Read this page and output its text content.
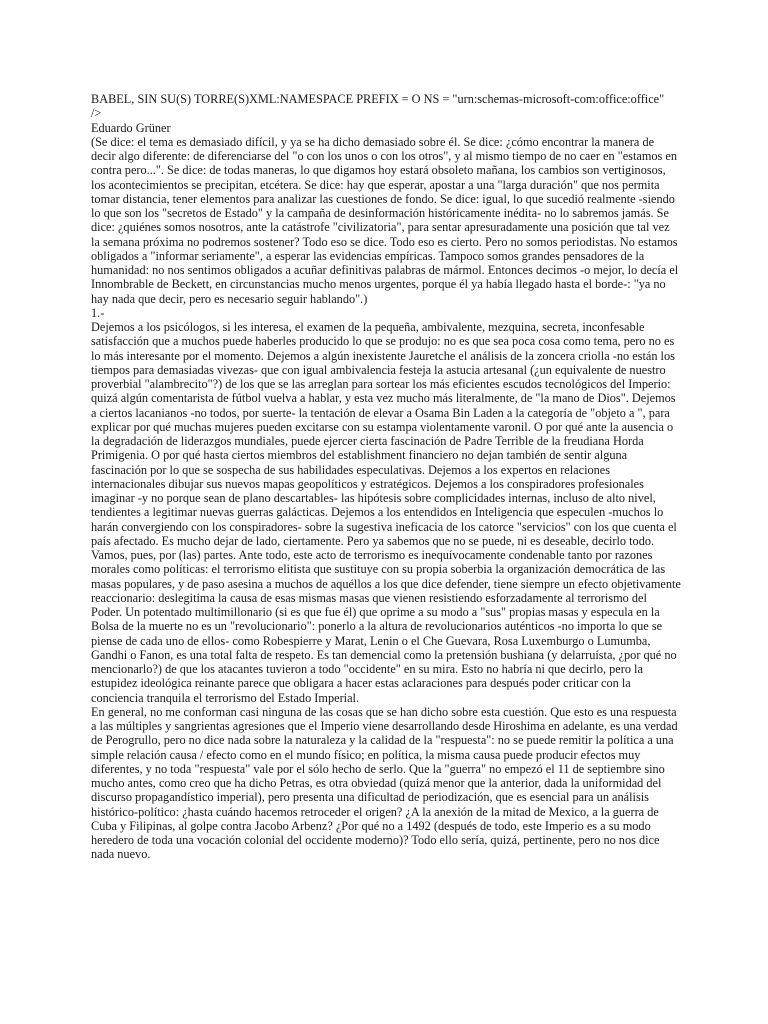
BABEL, SIN SU(S) TORRE(S)XML:NAMESPACE PREFIX = O NS = "urn:schemas-microsoft-com:office:office"
/>

Eduardo Grüner

(Se dice: el tema es demasiado difícil, y ya se ha dicho demasiado sobre él. Se dice: ¿cómo encontrar la manera de decir algo diferente: de diferenciarse del "o con los unos o con los otros", y al mismo tiempo de no caer en "estamos en contra pero...". Se dice: de todas maneras, lo que digamos hoy estará obsoleto mañana, los cambios son vertiginosos, los acontecimientos se precipitan, etcétera. Se dice: hay que esperar, apostar a una "larga duración" que nos permita tomar distancia, tener elementos para analizar las cuestiones de fondo. Se dice: igual, lo que sucedió realmente -siendo lo que son los "secretos de Estado" y la campaña de desinformación históricamente inédita- no lo sabremos jamás. Se dice: ¿quiénes somos nosotros, ante la catástrofe "civilizatoria", para sentar apresuradamente una posición que tal vez la semana próxima no podremos sostener? Todo eso se dice. Todo eso es cierto. Pero no somos periodistas. No estamos obligados a "informar seriamente", a esperar las evidencias empíricas. Tampoco somos grandes pensadores de la humanidad: no nos sentimos obligados a acuñar definitivas palabras de mármol. Entonces decimos -o mejor, lo decía el Innombrable de Beckett, en circunstancias mucho menos urgentes, porque él ya había llegado hasta el borde-: "ya no hay nada que decir, pero es necesario seguir hablando".)

1.-

Dejemos a los psicólogos, si les interesa, el examen de la pequeña, ambivalente, mezquina, secreta, inconfesable satisfacción que a muchos puede haberles producido lo que se produjo: no es que sea poca cosa como tema, pero no es lo más interesante por el momento. Dejemos a algún inexistente Jauretche el análisis de la zoncera criolla -no están los tiempos para demasiadas vivezas- que con igual ambivalencia festeja la astucia artesanal (¿un equivalente de nuestro proverbial "alambrecito"?) de los que se las arreglan para sortear los más eficientes escudos tecnológicos del Imperio: quizá algún comentarista de fútbol vuelva a hablar, y esta vez mucho más literalmente, de "la mano de Dios". Dejemos a ciertos lacanianos -no todos, por suerte- la tentación de elevar a Osama Bin Laden a la categoría de "objeto a ", para explicar por qué muchas mujeres pueden excitarse con su estampa violentamente varonil. O por qué ante la ausencia o la degradación de liderazgos mundiales, puede ejercer cierta fascinación de Padre Terrible de la freudiana Horda Primigenia. O por qué hasta ciertos miembros del establishment financiero no dejan también de sentir alguna fascinación por lo que se sospecha de sus habilidades especulativas. Dejemos a los expertos en relaciones internacionales dibujar sus nuevos mapas geopolíticos y estratégicos. Dejemos a los conspiradores profesionales imaginar -y no porque sean de plano descartables- las hipótesis sobre complicidades internas, incluso de alto nivel, tendientes a legitimar nuevas guerras galácticas. Dejemos a los entendidos en Inteligencia que especulen -muchos lo harán convergiendo con los conspiradores- sobre la sugestiva ineficacia de los catorce "servicios" con los que cuenta el país afectado. Es mucho dejar de lado, ciertamente. Pero ya sabemos que no se puede, ni es deseable, decirlo todo.

Vamos, pues, por (las) partes. Ante todo, este acto de terrorismo es inequívocamente condenable tanto por razones morales como políticas: el terrorismo elitista que sustituye con su propia soberbia la organización democrática de las masas populares, y de paso asesina a muchos de aquéllos a los que dice defender, tiene siempre un efecto objetivamente reaccionario: deslegitima la causa de esas mismas masas que vienen resistiendo esforzadamente al terrorismo del Poder. Un potentado multimillonario (si es que fue él) que oprime a su modo a "sus" propias masas y especula en la Bolsa de la muerte no es un "revolucionario": ponerlo a la altura de revolucionarios auténticos -no importa lo que se piense de cada uno de ellos- como Robespierre y Marat, Lenin o el Che Guevara, Rosa Luxemburgo o Lumumba, Gandhi o Fanon, es una total falta de respeto. Es tan demencial como la pretensión bushiana (y delarruísta, ¿por qué no mencionarlo?) de que los atacantes tuvieron a todo "occidente" en su mira. Esto no habría ni que decirlo, pero la estupidez ideológica reinante parece que obligara a hacer estas aclaraciones para después poder criticar con la conciencia tranquila el terrorismo del Estado Imperial.

En general, no me conforman casi ninguna de las cosas que se han dicho sobre esta cuestión. Que esto es una respuesta a las múltiples y sangrientas agresiones que el Imperio viene desarrollando desde Hiroshima en adelante, es una verdad de Perogrullo, pero no dice nada sobre la naturaleza y la calidad de la "respuesta": no se puede remitir la política a una simple relación causa / efecto como en el mundo físico; en política, la misma causa puede producir efectos muy diferentes, y no toda "respuesta" vale por el sólo hecho de serlo. Que la "guerra" no empezó el 11 de septiembre sino mucho antes, como creo que ha dicho Petras, es otra obviedad (quizá menor que la anterior, dada la uniformidad del discurso propagandístico imperial), pero presenta una dificultad de periodización, que es esencial para un análisis histórico-político: ¿hasta cuándo hacemos retroceder el origen? ¿A la anexión de la mitad de Mexico, a la guerra de Cuba y Filipinas, al golpe contra Jacobo Arbenz? ¿Por qué no a 1492 (después de todo, este Imperio es a su modo heredero de toda una vocación colonial del occidente moderno)? Todo ello sería, quizá, pertinente, pero no nos dice nada nuevo.
